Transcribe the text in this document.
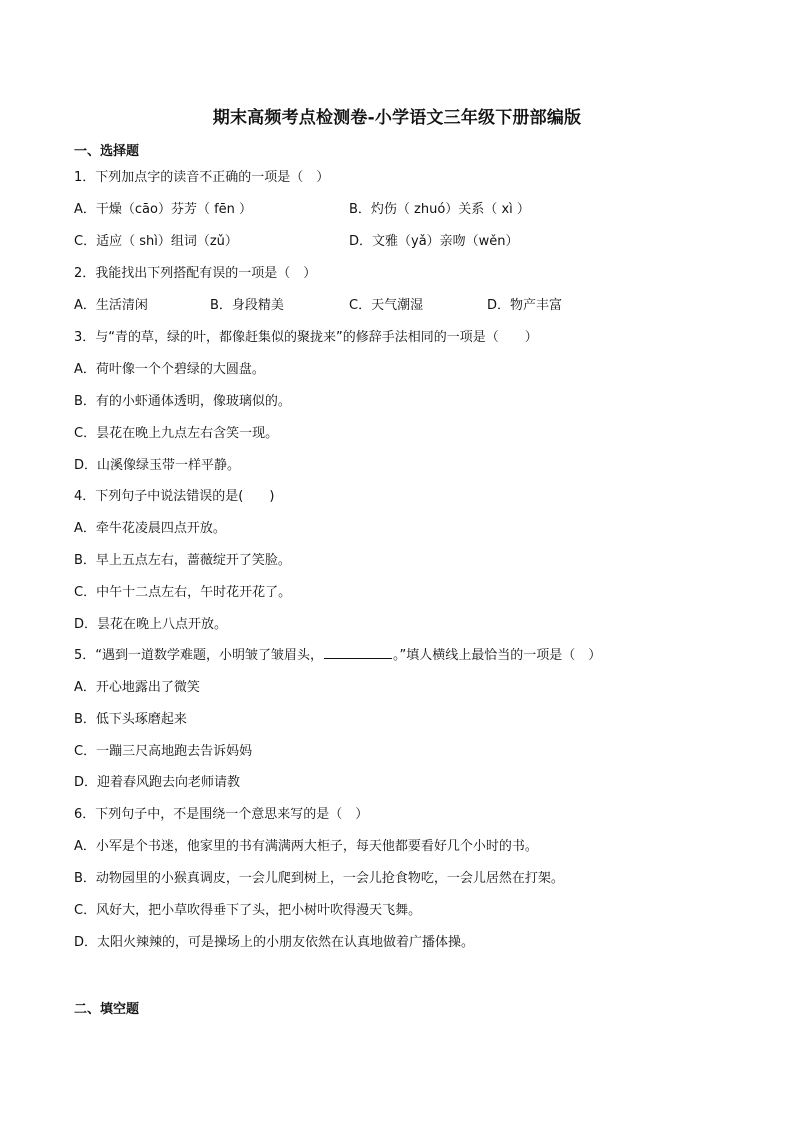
期末高频考点检测卷-小学语文三年级下册部编版
一、选择题
1．下列加点字的读音不正确的一项是（　）
A．干燥（cāo）芬芳（ fēn ）	B．灼伤（ zhuó）关系（ xì ）
C．适应（ shì）组词（zǔ）	D．文雅（yǎ）亲吻（wěn）
2．我能找出下列搭配有误的一项是（　）
A．生活清闲	B．身段精美	C．天气潮湿	D．物产丰富
3．与“青的草，绿的叶，都像赶集似的聚拢来”的修辞手法相同的一项是（　　）
A．荷叶像一个个碧绿的大圆盘。
B．有的小虾通体透明，像玻璃似的。
C．昙花在晚上九点左右含笑一现。
D．山溪像绿玉带一样平静。
4．下列句子中说法错误的是(　　)
A．牵牛花凌晨四点开放。
B．早上五点左右，蔷薇绽开了笑脸。
C．中午十二点左右，午时花开花了。
D．昙花在晚上八点开放。
5．“遇到一道数学难题，小明皱了皱眉头，	。”填人横线上最恰当的一项是（　）
A．开心地露出了微笑
B．低下头琢磨起来
C．一蹦三尺高地跑去告诉妈妈
D．迎着春风跑去向老师请教
6．下列句子中，不是围绕一个意思来写的是（　）
A．小军是个书迷，他家里的书有满满两大柜子，每天他都要看好几个小时的书。
B．动物园里的小猴真调皮，一会儿爬到树上，一会儿抢食物吃，一会儿居然在打架。
C．风好大，把小草吹得垂下了头，把小树叶吹得漫天飞舞。
D．太阳火辣辣的，可是操场上的小朋友依然在认真地做着广播体操。
二、填空题
